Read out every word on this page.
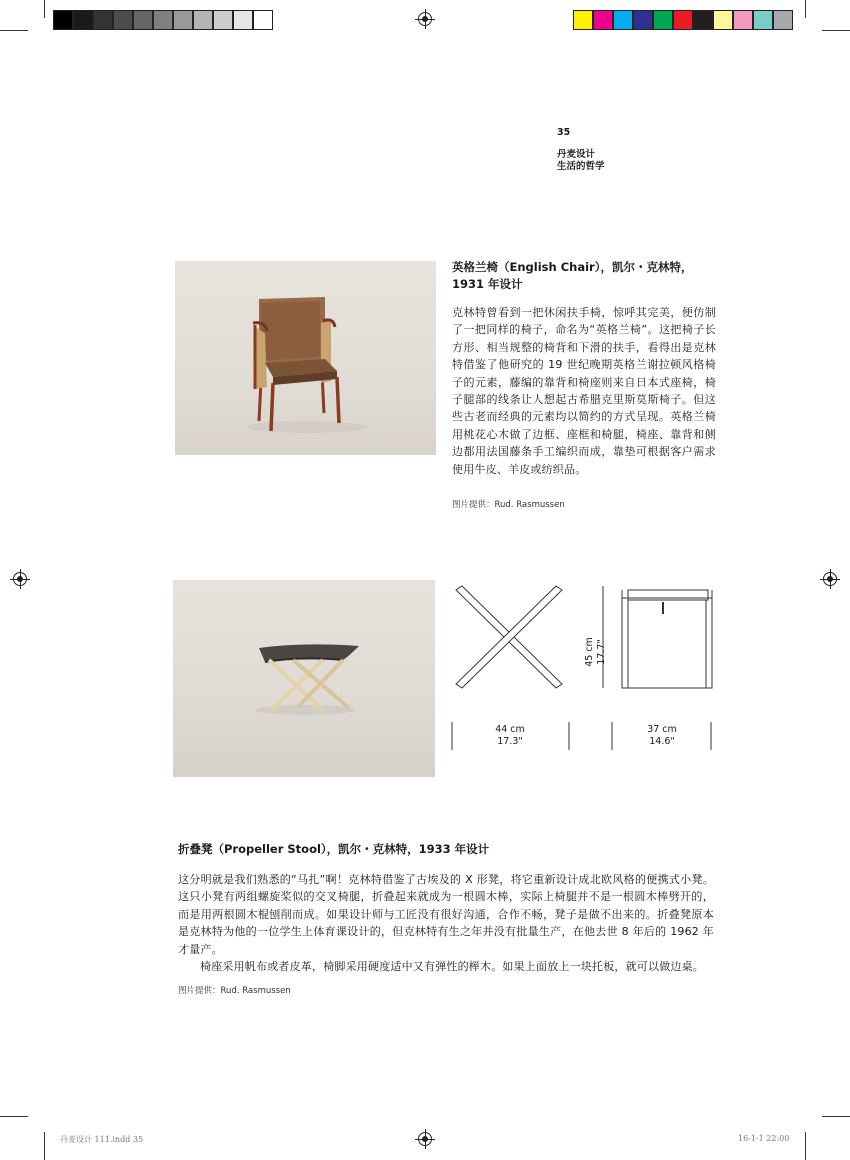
35
丹麦设计
生活的哲学
英格兰椅（English Chair），凯尔・克林特，1931 年设计
克林特曾看到一把休闲扶手椅，惊呼其完美，便仿制了一把同样的椅子，命名为“英格兰椅”。这把椅子长方形、相当规整的椅背和下滑的扶手，看得出是克林特借鉴了他研究的 19 世纪晚期英格兰谢拉顿风格椅子的元素，藤编的靠背和椅座则来自日本式座椅，椅子腿部的线条让人想起古希腊克里斯莫斯椅子。但这些古老而经典的元素均以简约的方式呈现。英格兰椅用桃花心木做了边框、座框和椅腿，椅座、靠背和侧边都用法国藤条手工编织而成，靠垫可根据客户需求使用牛皮、羊皮或纺织品。
图片提供：Rud. Rasmussen
45 cm 17.7"
44 cm
17.3"
37 cm
14.6"
折叠凳（Propeller Stool），凯尔・克林特，1933 年设计
这分明就是我们熟悉的“马扎”啊！克林特借鉴了古埃及的 X 形凳，将它重新设计成北欧风格的便携式小凳。这只小凳有两组螺旋桨似的交叉椅腿，折叠起来就成为一根圆木棒，实际上椅腿并不是一根圆木棒劈开的，而是用两根圆木棍刨削而成。如果设计师与工匠没有很好沟通，合作不畅，凳子是做不出来的。折叠凳原本是克林特为他的一位学生上体育课设计的，但克林特有生之年并没有批量生产，在他去世 8 年后的 1962 年才量产。
椅座采用帆布或者皮革，椅脚采用硬度适中又有弹性的榉木。如果上面放上一块托板，就可以做边桌。
图片提供：Rud. Rasmussen
丹麦设计 111.indd 35	16-1-1 22:00
